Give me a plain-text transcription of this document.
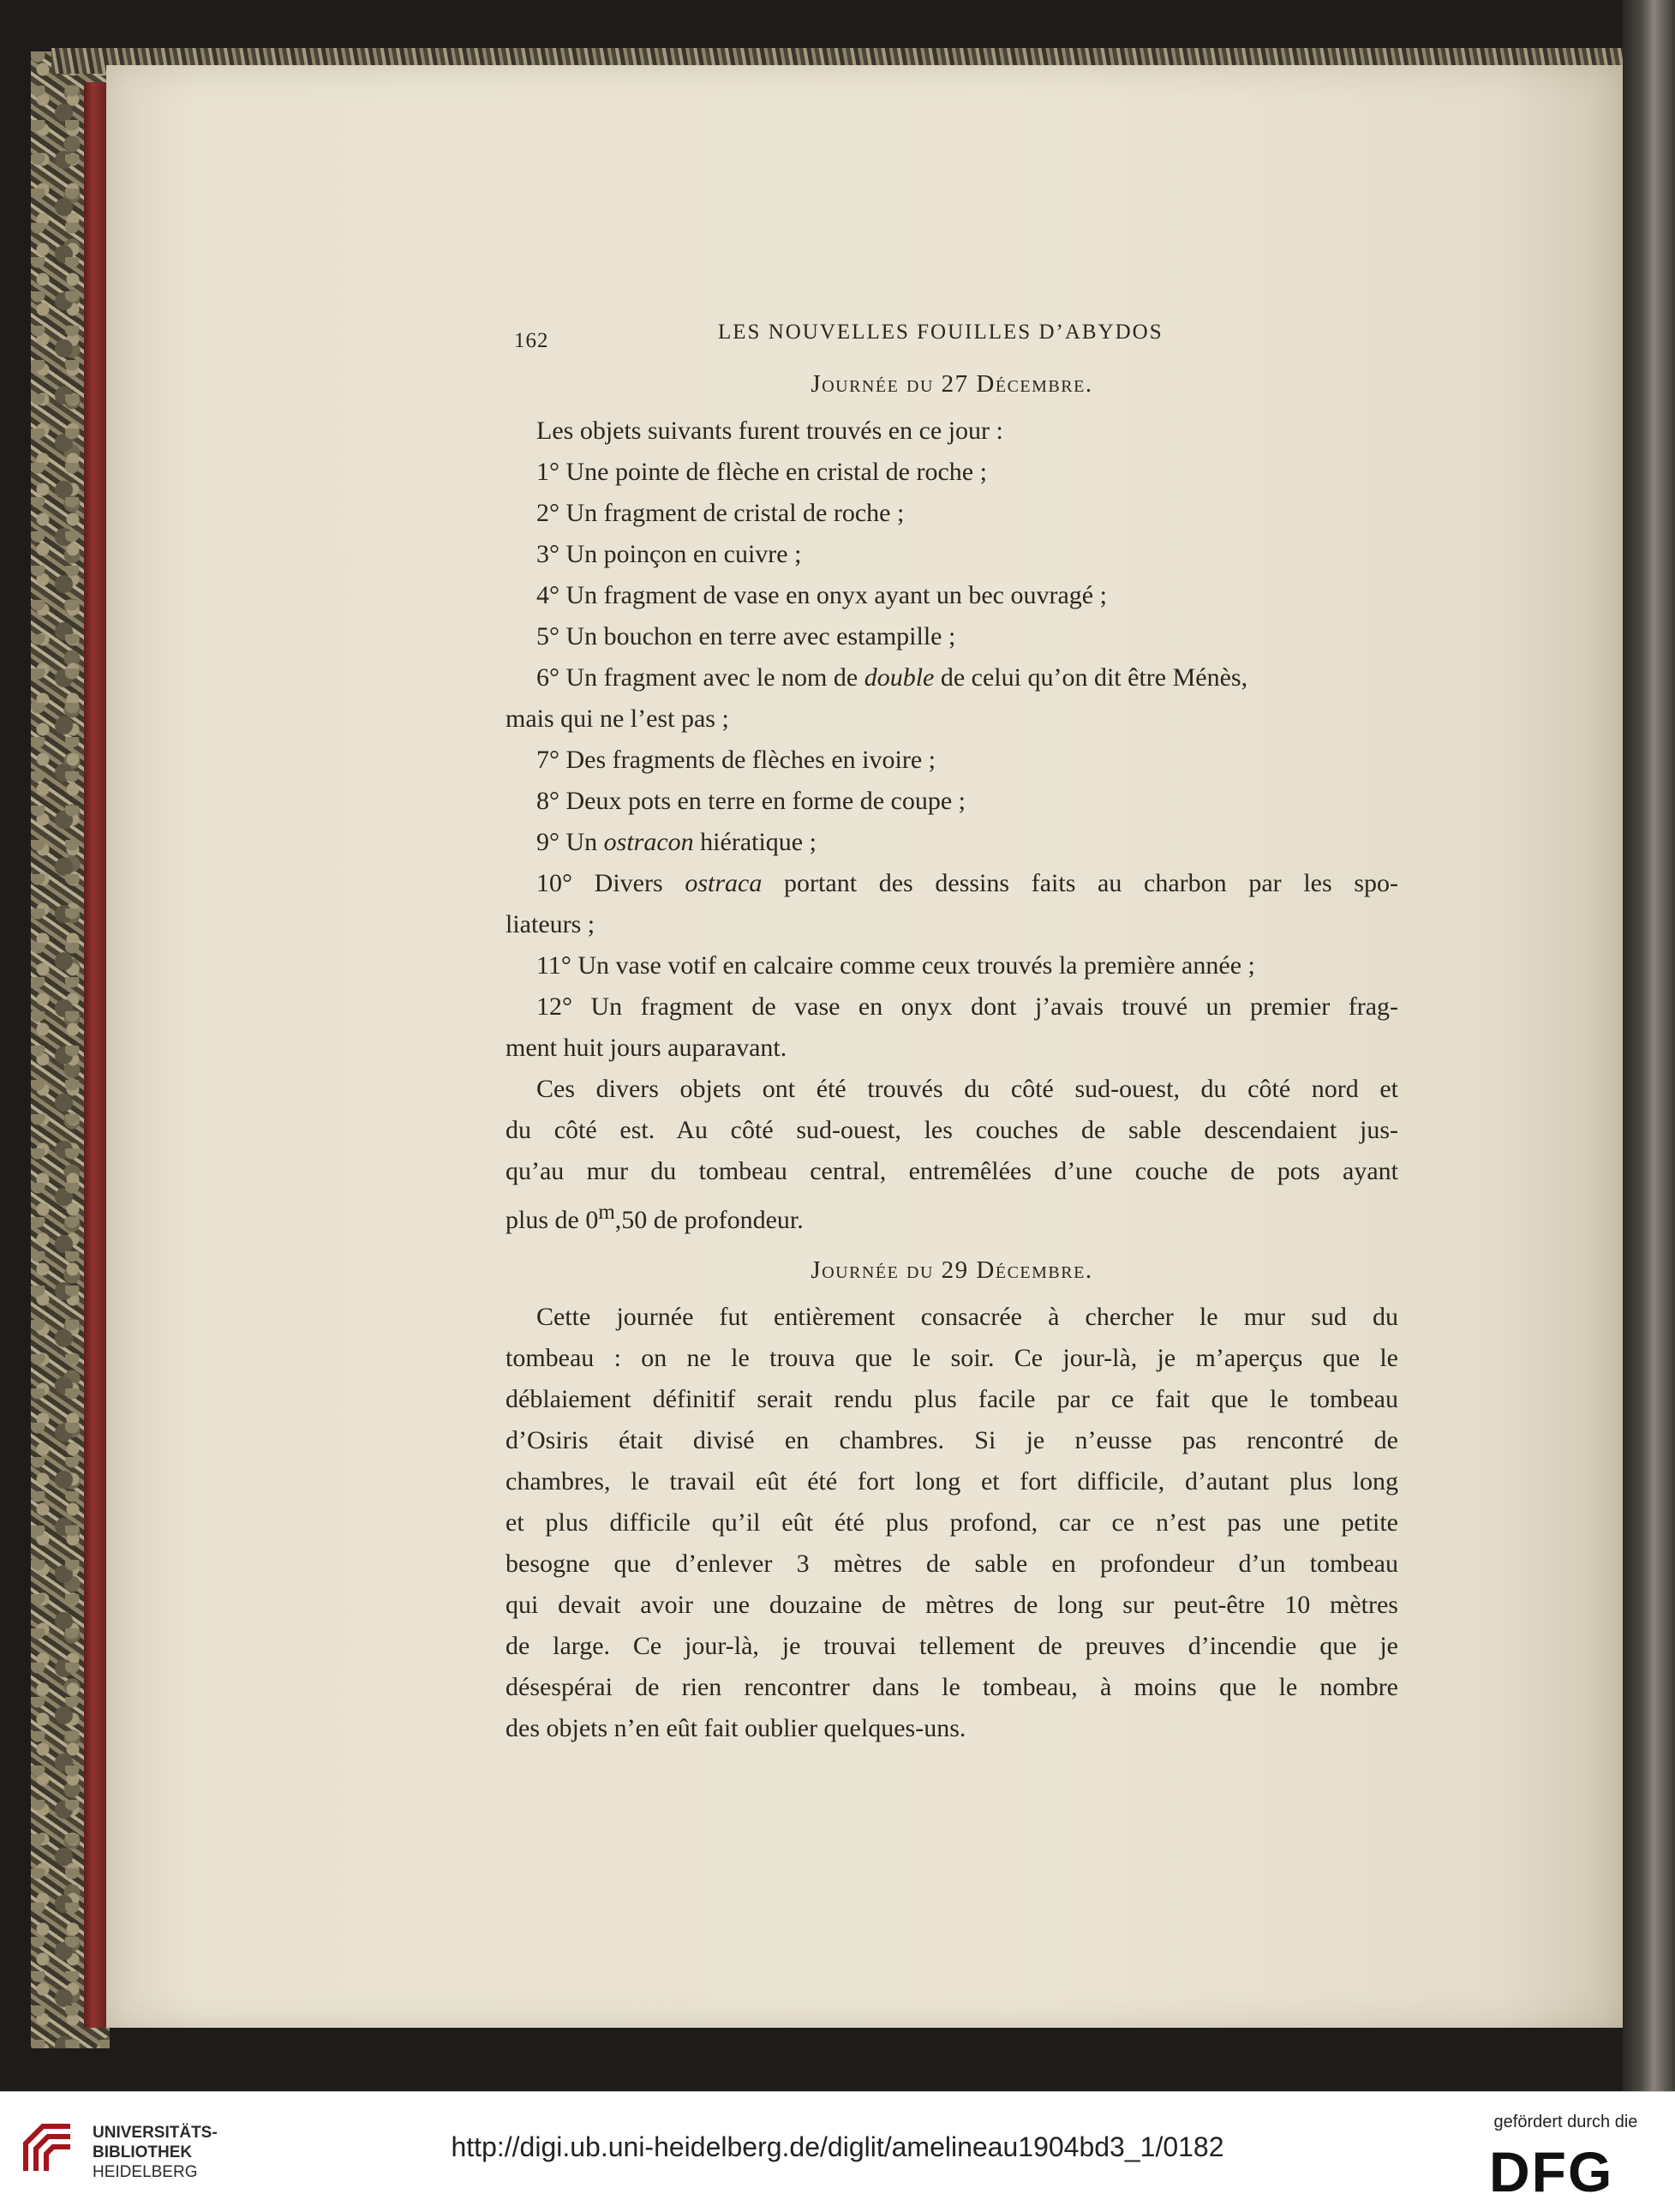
162	LES NOUVELLES FOUILLES D’ABYDOS
Journée du 27 Décembre.
Les objets suivants furent trouvés en ce jour :
1° Une pointe de flèche en cristal de roche ;
2° Un fragment de cristal de roche ;
3° Un poinçon en cuivre ;
4° Un fragment de vase en onyx ayant un bec ouvragé ;
5° Un bouchon en terre avec estampille ;
6° Un fragment avec le nom de double de celui qu’on dit être Ménès,
mais qui ne l’est pas ;
7° Des fragments de flèches en ivoire ;
8° Deux pots en terre en forme de coupe ;
9° Un ostracon hiératique ;
10° Divers ostraca portant des dessins faits au charbon par les spo-
liateurs ;
11° Un vase votif en calcaire comme ceux trouvés la première année ;
12° Un fragment de vase en onyx dont j’avais trouvé un premier frag-
ment huit jours auparavant.
Ces divers objets ont été trouvés du côté sud-ouest, du côté nord et
du côté est. Au côté sud-ouest, les couches de sable descendaient jus-
qu’au mur du tombeau central, entremêlées d’une couche de pots ayant
plus de 0$^m$,50 de profondeur.
Journée du 29 Décembre.
Cette journée fut entièrement consacrée à chercher le mur sud du
tombeau : on ne le trouva que le soir. Ce jour-là, je m’aperçus que le
déblaiement définitif serait rendu plus facile par ce fait que le tombeau
d’Osiris était divisé en chambres. Si je n’eusse pas rencontré de
chambres, le travail eût été fort long et fort difficile, d’autant plus long
et plus difficile qu’il eût été plus profond, car ce n’est pas une petite
besogne que d’enlever 3 mètres de sable en profondeur d’un tombeau
qui devait avoir une douzaine de mètres de long sur peut-être 10 mètres
de large. Ce jour-là, je trouvai tellement de preuves d’incendie que je
désespérai de rien rencontrer dans le tombeau, à moins que le nombre
des objets n’en eût fait oublier quelques-uns.
UNIVERSITÄTS-
BIBLIOTHEK
HEIDELBERG
http://digi.ub.uni-heidelberg.de/diglit/amelineau1904bd3_1/0182
gefördert durch die
DFG
